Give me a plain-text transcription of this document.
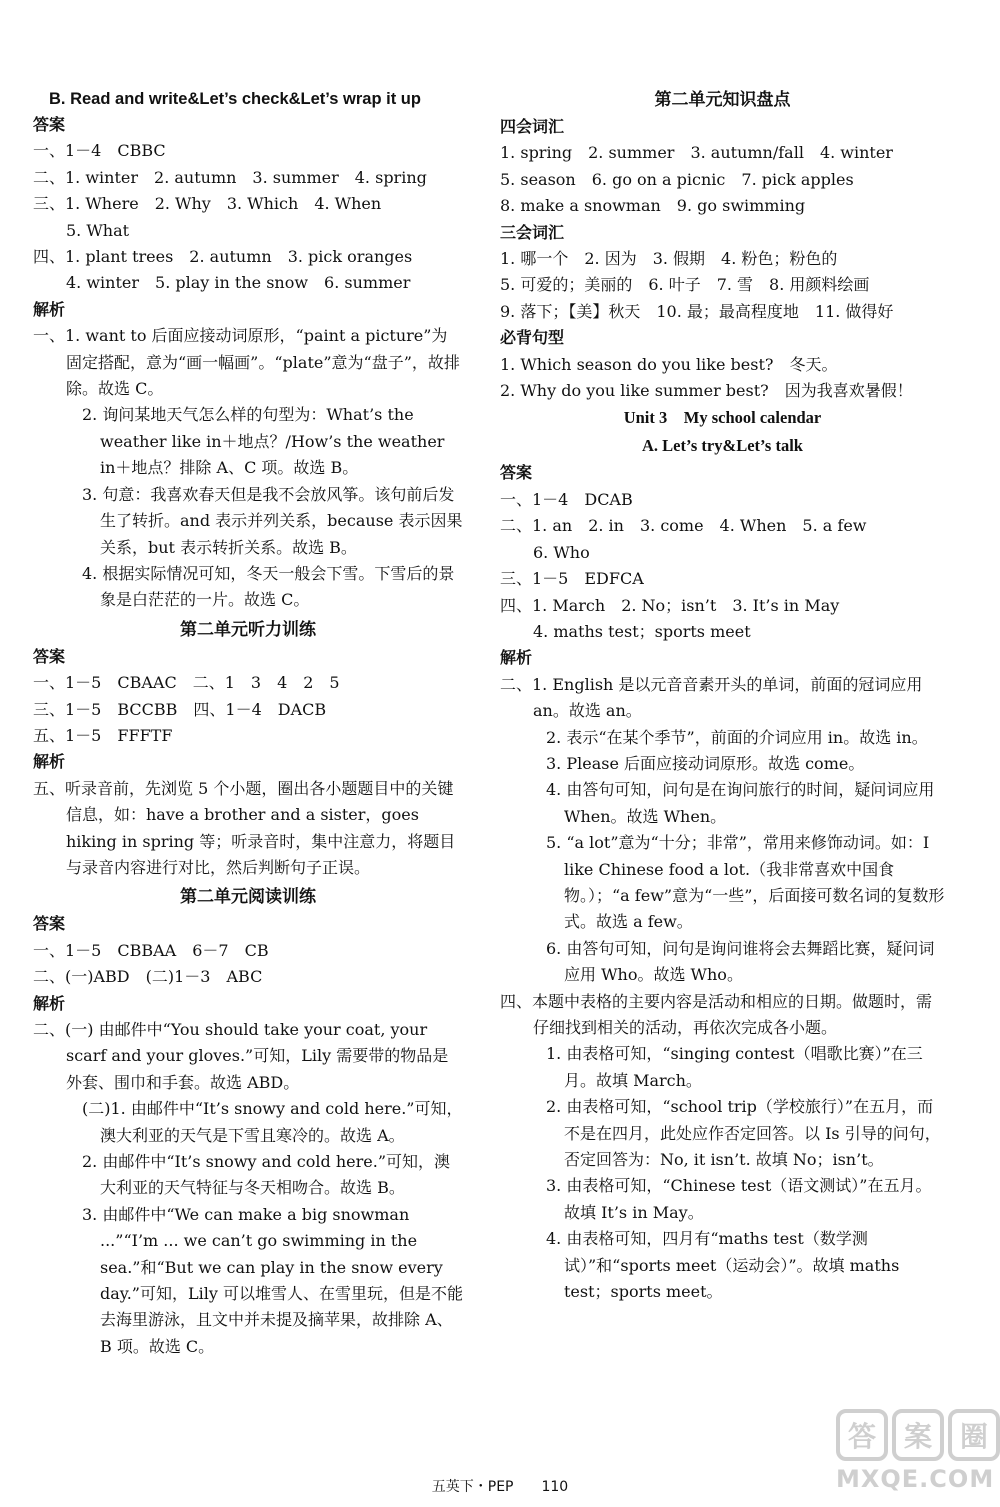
B. Read and write&Let’s check&Let’s wrap it up
答案
一、1－4　CBBC
二、1. winter　2. autumn　3. summer　4. spring
三、1. Where　2. Why　3. Which　4. When
5. What
四、1. plant trees　2. autumn　3. pick oranges
4. winter　5. play in the snow　6. summer
解析
一、1. want to 后面应接动词原形，“paint a picture”为固定搭配，意为“画一幅画”。“plate”意为“盘子”，故排除。故选 C。
2. 询问某地天气怎么样的句型为：What’s the weather like in＋地点？/How’s the weather in＋地点？排除 A、C 项。故选 B。
3. 句意：我喜欢春天但是我不会放风筝。该句前后发生了转折。and 表示并列关系，because 表示因果关系，but 表示转折关系。故选 B。
4. 根据实际情况可知，冬天一般会下雪。下雪后的景象是白茫茫的一片。故选 C。
第二单元听力训练
答案
一、1－5　CBAAC　二、1　3　4　2　5
三、1－5　BCCBB　四、1－4　DACB
五、1－5　FFFTF
解析
五、听录音前，先浏览 5 个小题，圈出各小题题目中的关键信息，如：have a brother and a sister，goes hiking in spring 等；听录音时，集中注意力，将题目与录音内容进行对比，然后判断句子正误。
第二单元阅读训练
答案
一、1－5　CBBAA　6－7　CB
二、(一)ABD　(二)1－3　ABC
解析
二、(一) 由邮件中“You should take your coat, your scarf and your gloves.”可知，Lily 需要带的物品是外套、围巾和手套。故选 ABD。
(二)1. 由邮件中“It’s snowy and cold here.”可知，澳大利亚的天气是下雪且寒冷的。故选 A。
2. 由邮件中“It’s snowy and cold here.”可知，澳大利亚的天气特征与冬天相吻合。故选 B。
3. 由邮件中“We can make a big snowman ...”“I’m ... we can’t go swimming in the sea.”和“But we can play in the snow every day.”可知，Lily 可以堆雪人、在雪里玩，但是不能去海里游泳，且文中并未提及摘苹果，故排除 A、B 项。故选 C。
第二单元知识盘点
四会词汇
1. spring　2. summer　3. autumn/fall　4. winter
5. season　6. go on a picnic　7. pick apples
8. make a snowman　9. go swimming
三会词汇
1. 哪一个　2. 因为　3. 假期　4. 粉色；粉色的
5. 可爱的；美丽的　6. 叶子　7. 雪　8. 用颜料绘画
9. 落下；【美】秋天　10. 最；最高程度地　11. 做得好
必背句型
1. Which season do you like best?　冬天。
2. Why do you like summer best?　因为我喜欢暑假！
Unit 3　My school calendar
A. Let’s try&Let’s talk
答案
一、1－4　DCAB
二、1. an　2. in　3. come　4. When　5. a few
6. Who
三、1－5　EDFCA
四、1. March　2. No；isn’t　3. It’s in May
4. maths test；sports meet
解析
二、1. English 是以元音音素开头的单词，前面的冠词应用 an。故选 an。
2. 表示“在某个季节”，前面的介词应用 in。故选 in。
3. Please 后面应接动词原形。故选 come。
4. 由答句可知，问句是在询问旅行的时间，疑问词应用 When。故选 When。
5. “a lot”意为“十分；非常”，常用来修饰动词。如：I like Chinese food a lot.（我非常喜欢中国食物。）；“a few”意为“一些”，后面接可数名词的复数形式。故选 a few。
6. 由答句可知，问句是询问谁将会去舞蹈比赛，疑问词应用 Who。故选 Who。
四、本题中表格的主要内容是活动和相应的日期。做题时，需仔细找到相关的活动，再依次完成各小题。
1. 由表格可知，“singing contest（唱歌比赛）”在三月。故填 March。
2. 由表格可知，“school trip（学校旅行）”在五月，而不是在四月，此处应作否定回答。以 Is 引导的问句，否定回答为：No, it isn’t. 故填 No；isn’t。
3. 由表格可知，“Chinese test（语文测试）”在五月。故填 It’s in May。
4. 由表格可知，四月有“maths test（数学测试）”和“sports meet（运动会）”。故填 maths test；sports meet。
五英下・PEP　　110
答 案 圈
MXQE.COM
